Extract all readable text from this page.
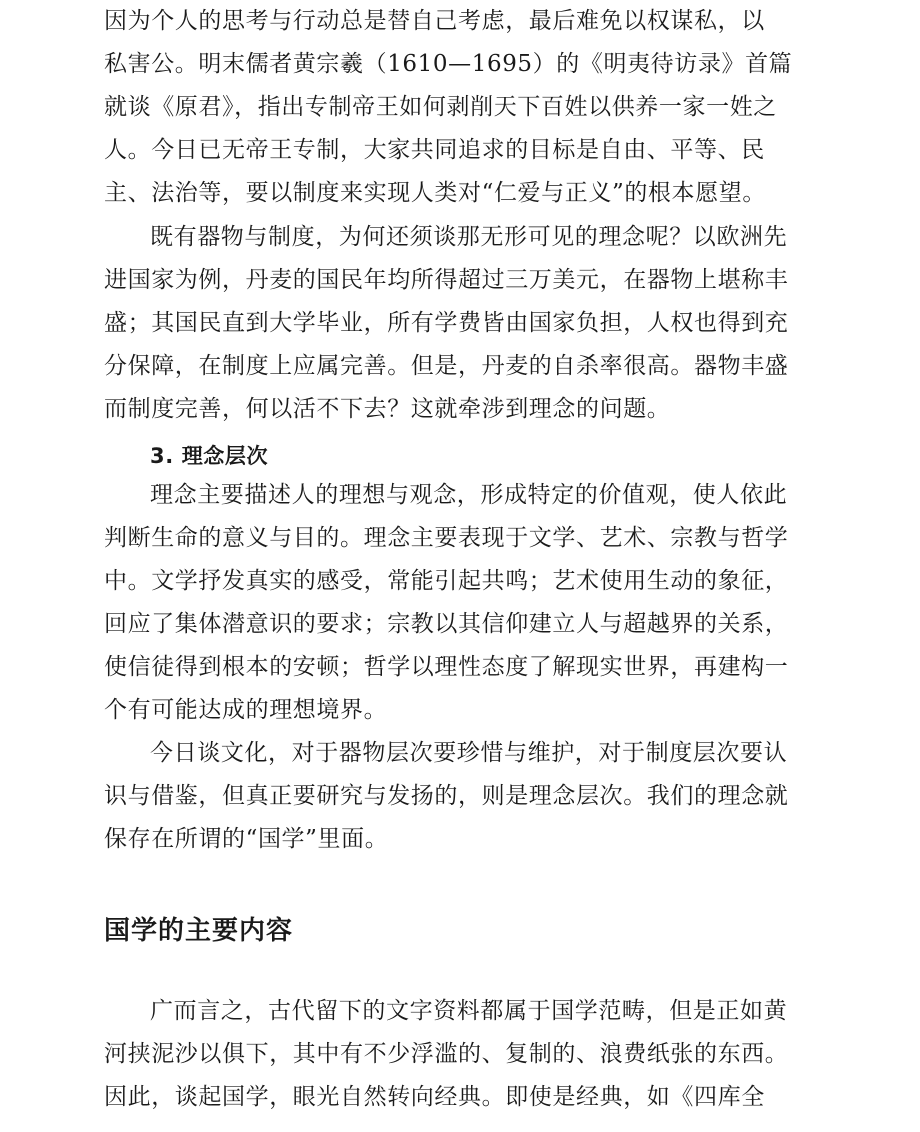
因为个人的思考与行动总是替自己考虑，最后难免以权谋私，以
私害公。明末儒者黄宗羲（1610—1695）的《明夷待访录》首篇
就谈《原君》，指出专制帝王如何剥削天下百姓以供养一家一姓之
人。今日已无帝王专制，大家共同追求的目标是自由、平等、民
主、法治等，要以制度来实现人类对“仁爱与正义”的根本愿望。
既有器物与制度，为何还须谈那无形可见的理念呢？以欧洲先
进国家为例，丹麦的国民年均所得超过三万美元，在器物上堪称丰
盛；其国民直到大学毕业，所有学费皆由国家负担，人权也得到充
分保障，在制度上应属完善。但是，丹麦的自杀率很高。器物丰盛
而制度完善，何以活不下去？这就牵涉到理念的问题。
3. 理念层次
理念主要描述人的理想与观念，形成特定的价值观，使人依此
判断生命的意义与目的。理念主要表现于文学、艺术、宗教与哲学
中。文学抒发真实的感受，常能引起共鸣；艺术使用生动的象征，
回应了集体潜意识的要求；宗教以其信仰建立人与超越界的关系，
使信徒得到根本的安顿；哲学以理性态度了解现实世界，再建构一
个有可能达成的理想境界。
今日谈文化，对于器物层次要珍惜与维护，对于制度层次要认
识与借鉴，但真正要研究与发扬的，则是理念层次。我们的理念就
保存在所谓的“国学”里面。
国学的主要内容
广而言之，古代留下的文字资料都属于国学范畴，但是正如黄
河挟泥沙以俱下，其中有不少浮滥的、复制的、浪费纸张的东西。
因此，谈起国学，眼光自然转向经典。即使是经典，如《四库全
